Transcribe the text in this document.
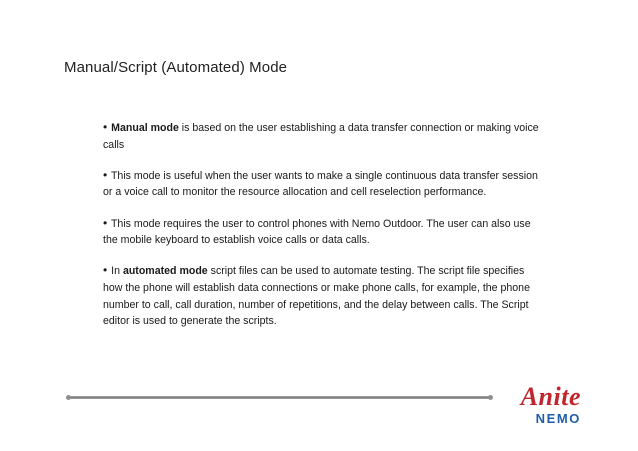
Manual/Script (Automated) Mode

• Manual mode is based on the user establishing a data transfer connection or making voice calls

• This mode is useful when the user wants to make a single continuous data transfer session or a voice call to monitor the resource allocation and cell reselection performance.

• This mode requires the user to control phones with Nemo Outdoor. The user can also use the mobile keyboard to establish voice calls or data calls.

• In automated mode script files can be used to automate testing. The script file specifies how the phone will establish data connections or make phone calls, for example, the phone number to call, call duration, number of repetitions, and the delay between calls. The Script editor is used to generate the scripts.

Anite
NEMO
